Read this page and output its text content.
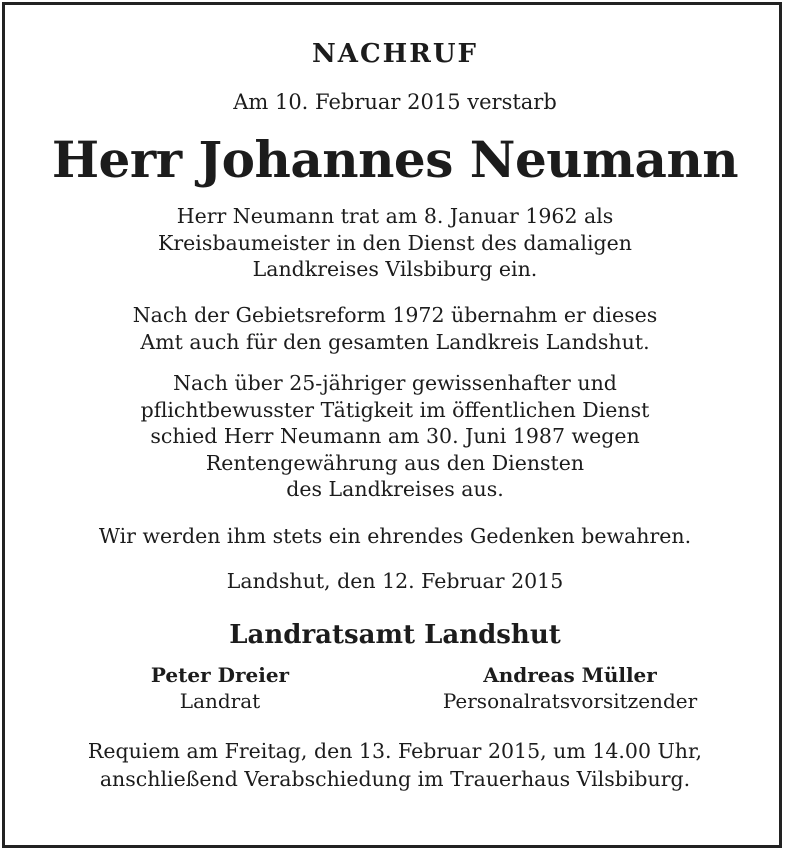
NACHRUF
Am 10. Februar 2015 verstarb
Herr Johannes Neumann
Herr Neumann trat am 8. Januar 1962 als
Kreisbaumeister in den Dienst des damaligen
Landkreises Vilsbiburg ein.
Nach der Gebietsreform 1972 übernahm er dieses
Amt auch für den gesamten Landkreis Landshut.
Nach über 25-jähriger gewissenhafter und
pflichtbewusster Tätigkeit im öffentlichen Dienst
schied Herr Neumann am 30. Juni 1987 wegen
Rentengewährung aus den Diensten
des Landkreises aus.
Wir werden ihm stets ein ehrendes Gedenken bewahren.
Landshut, den 12. Februar 2015
Landratsamt Landshut
Peter Dreier
Landrat
Andreas Müller
Personalratsvorsitzender
Requiem am Freitag, den 13. Februar 2015, um 14.00 Uhr,
anschließend Verabschiedung im Trauerhaus Vilsbiburg.
